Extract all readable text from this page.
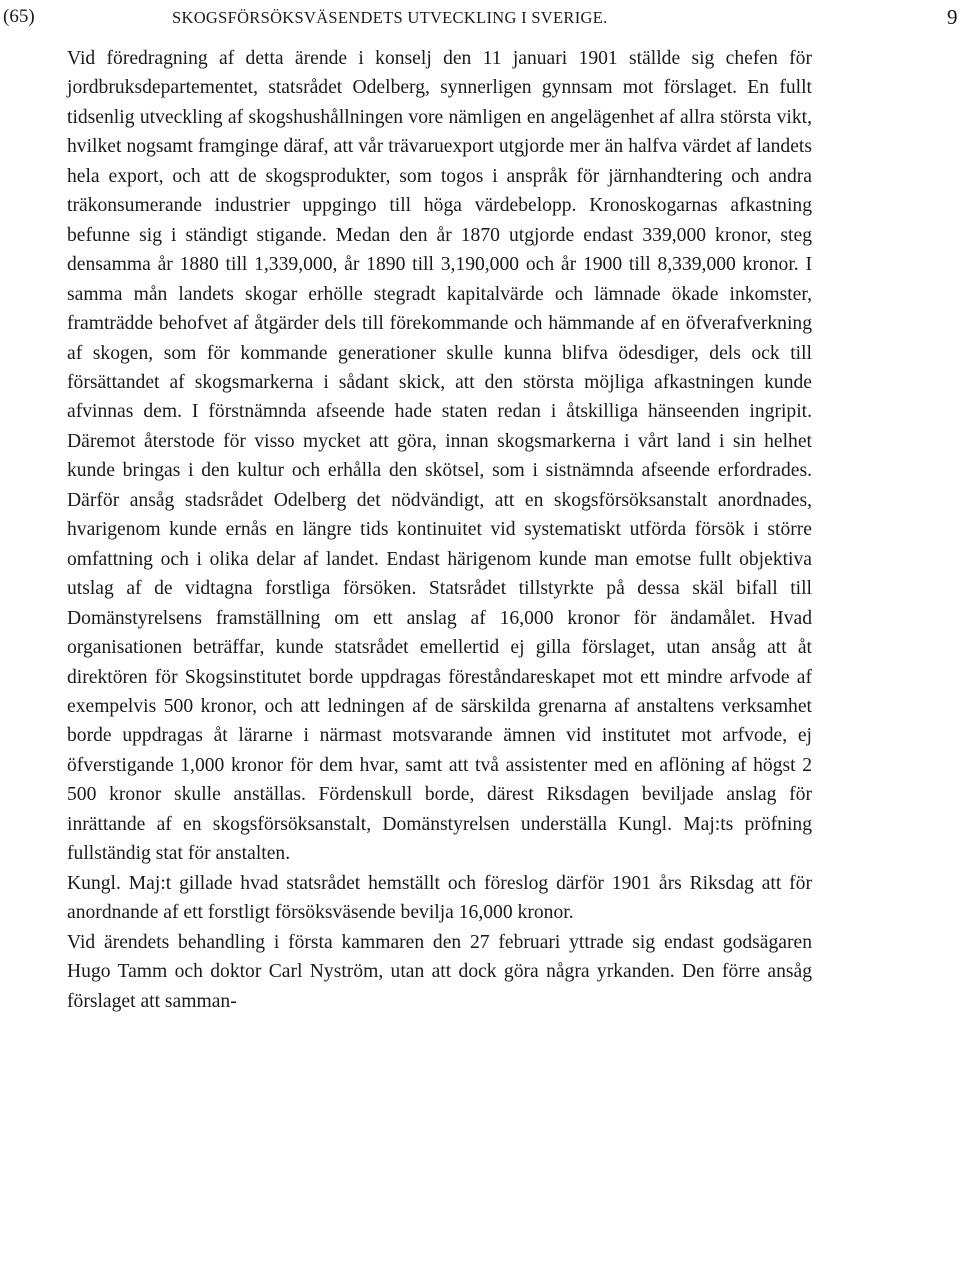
(65)	SKOGSFÖRSÖKSVÄSENDETS UTVECKLING I SVERIGE.	9

Vid föredragning af detta ärende i konselj den 11 januari 1901 ställde sig chefen för jordbruksdepartementet, statsrådet Odelberg, synnerligen gynnsam mot förslaget. En fullt tidsenlig utveckling af skogshushållningen vore nämligen en angelägenhet af allra största vikt, hvilket nogsamt framginge däraf, att vår trävaruexport utgjorde mer än halfva värdet af landets hela export, och att de skogsprodukter, som togos i anspråk för järnhandtering och andra träkonsumerande industrier uppgingo till höga värdebelopp. Kronoskogarnas afkastning befunne sig i ständigt stigande. Medan den år 1870 utgjorde endast 339,000 kronor, steg densamma år 1880 till 1,339,000, år 1890 till 3,190,000 och år 1900 till 8,339,000 kronor. I samma mån landets skogar erhölle stegradt kapitalvärde och lämnade ökade inkomster, framträdde behofvet af åtgärder dels till förekommande och hämmande af en öfverafverkning af skogen, som för kommande generationer skulle kunna blifva ödesdiger, dels ock till försättandet af skogsmarkerna i sådant skick, att den största möjliga afkastningen kunde afvinnas dem. I förstnämnda afseende hade staten redan i åtskilliga hänseenden ingripit. Däremot återstode för visso mycket att göra, innan skogsmarkerna i vårt land i sin helhet kunde bringas i den kultur och erhålla den skötsel, som i sistnämnda afseende erfordrades. Därför ansåg stadsrådet Odelberg det nödvändigt, att en skogsförsöksanstalt anordnades, hvarigenom kunde ernås en längre tids kontinuitet vid systematiskt utförda försök i större omfattning och i olika delar af landet. Endast härigenom kunde man emotse fullt objektiva utslag af de vidtagna forstliga försöken. Statsrådet tillstyrkte på dessa skäl bifall till Domänstyrelsens framställning om ett anslag af 16,000 kronor för ändamålet. Hvad organisationen beträffar, kunde statsrådet emellertid ej gilla förslaget, utan ansåg att åt direktören för Skogsinstitutet borde uppdragas föreståndareskapet mot ett mindre arfvode af exempelvis 500 kronor, och att ledningen af de särskilda grenarna af anstaltens verksamhet borde uppdragas åt lärarne i närmast motsvarande ämnen vid institutet mot arfvode, ej öfverstigande 1,000 kronor för dem hvar, samt att två assistenter med en aflöning af högst 2 500 kronor skulle anställas. Fördenskull borde, därest Riksdagen beviljade anslag för inrättande af en skogsförsöksanstalt, Domänstyrelsen underställa Kungl. Maj:ts pröfning fullständig stat för anstalten.

Kungl. Maj:t gillade hvad statsrådet hemställt och föreslog därför 1901 års Riksdag att för anordnande af ett forstligt försöksväsende bevilja 16,000 kronor.

Vid ärendets behandling i första kammaren den 27 februari yttrade sig endast godsägaren Hugo Tamm och doktor Carl Nyström, utan att dock göra några yrkanden. Den förre ansåg förslaget att samman-
